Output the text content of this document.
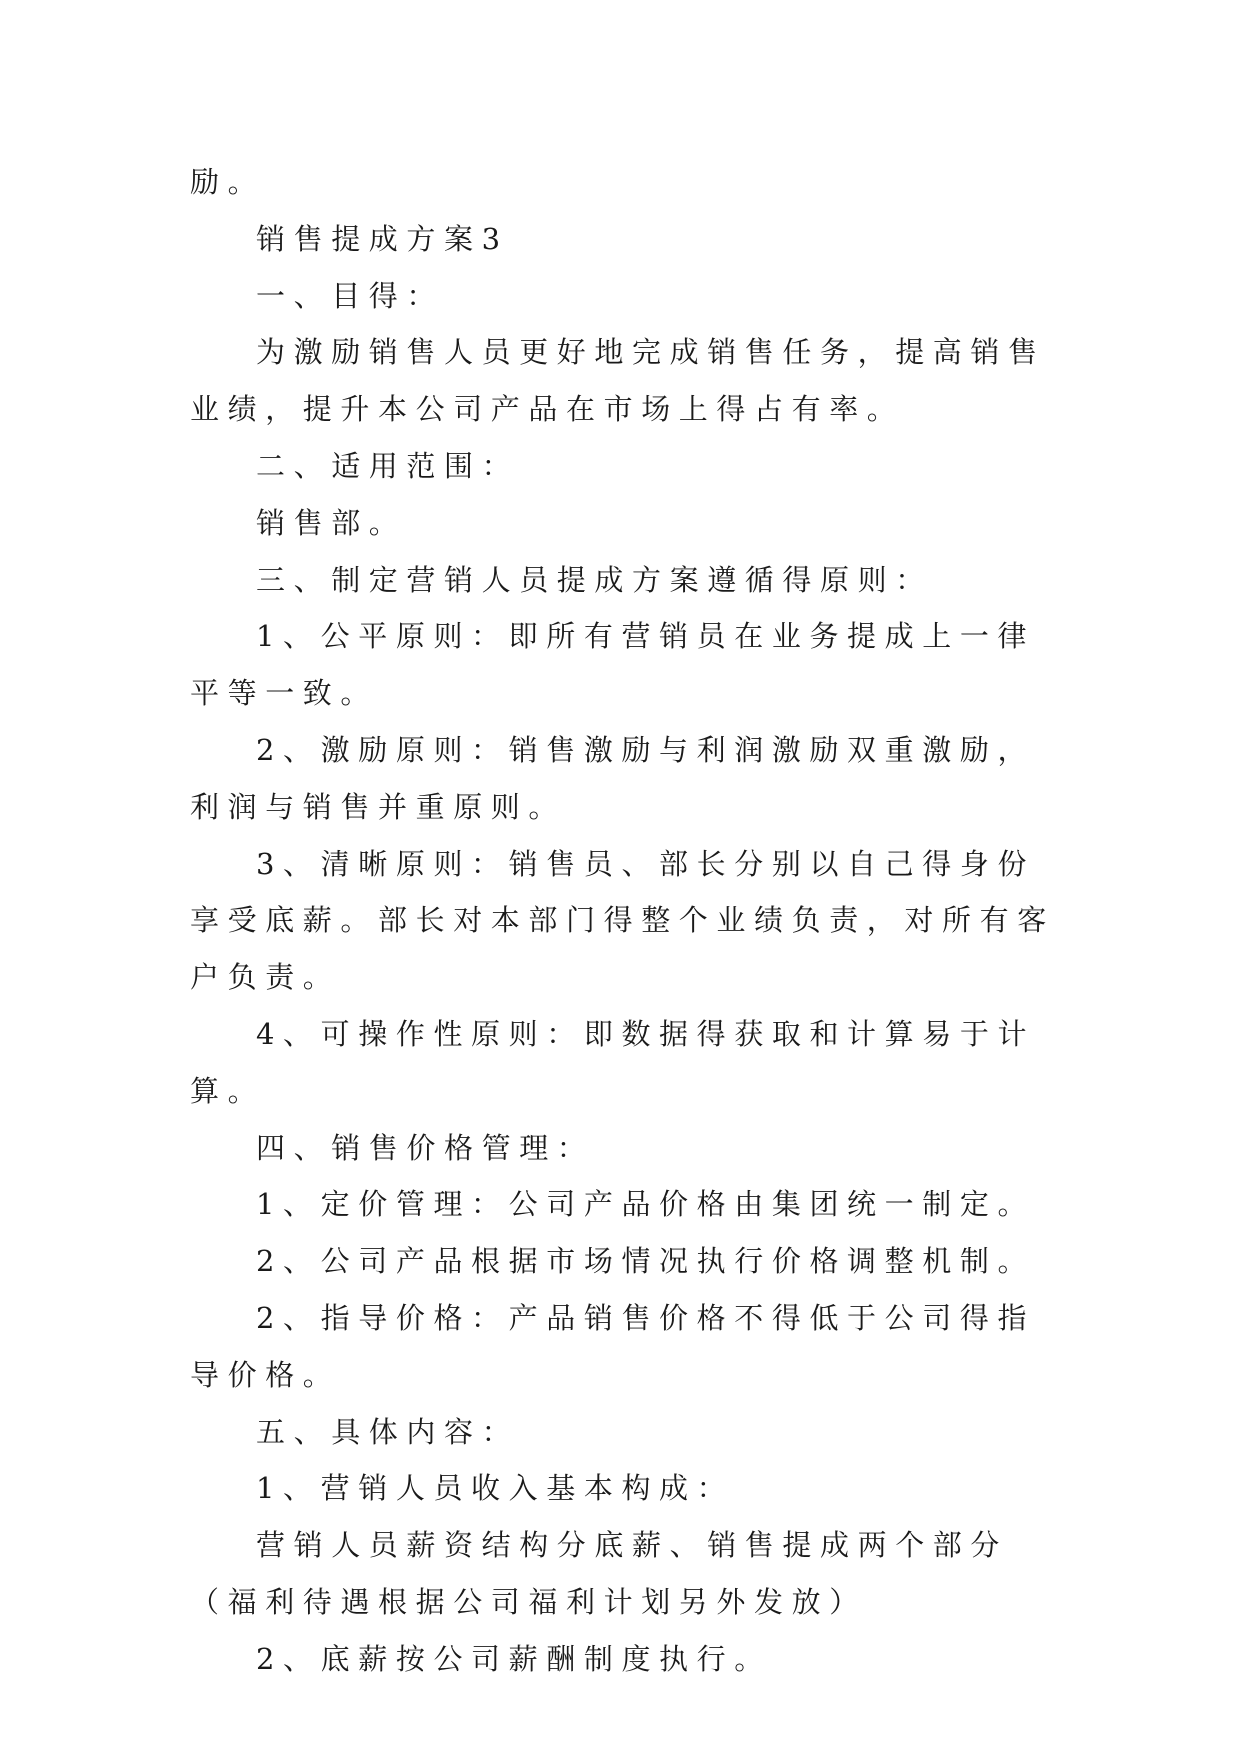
励。

销售提成方案3

一、目得：

为激励销售人员更好地完成销售任务，提高销售业绩，提升本公司产品在市场上得占有率。

二、适用范围：

销售部。

三、制定营销人员提成方案遵循得原则：

1、公平原则：即所有营销员在业务提成上一律平等一致。

2、激励原则：销售激励与利润激励双重激励，利润与销售并重原则。

3、清晰原则：销售员、部长分别以自己得身份享受底薪。部长对本部门得整个业绩负责，对所有客户负责。

4、可操作性原则：即数据得获取和计算易于计算。

四、销售价格管理：

1、定价管理：公司产品价格由集团统一制定。

2、公司产品根据市场情况执行价格调整机制。

2、指导价格：产品销售价格不得低于公司得指导价格。

五、具体内容：

1、营销人员收入基本构成：

营销人员薪资结构分底薪、销售提成两个部分（福利待遇根据公司福利计划另外发放）

2、底薪按公司薪酬制度执行。
